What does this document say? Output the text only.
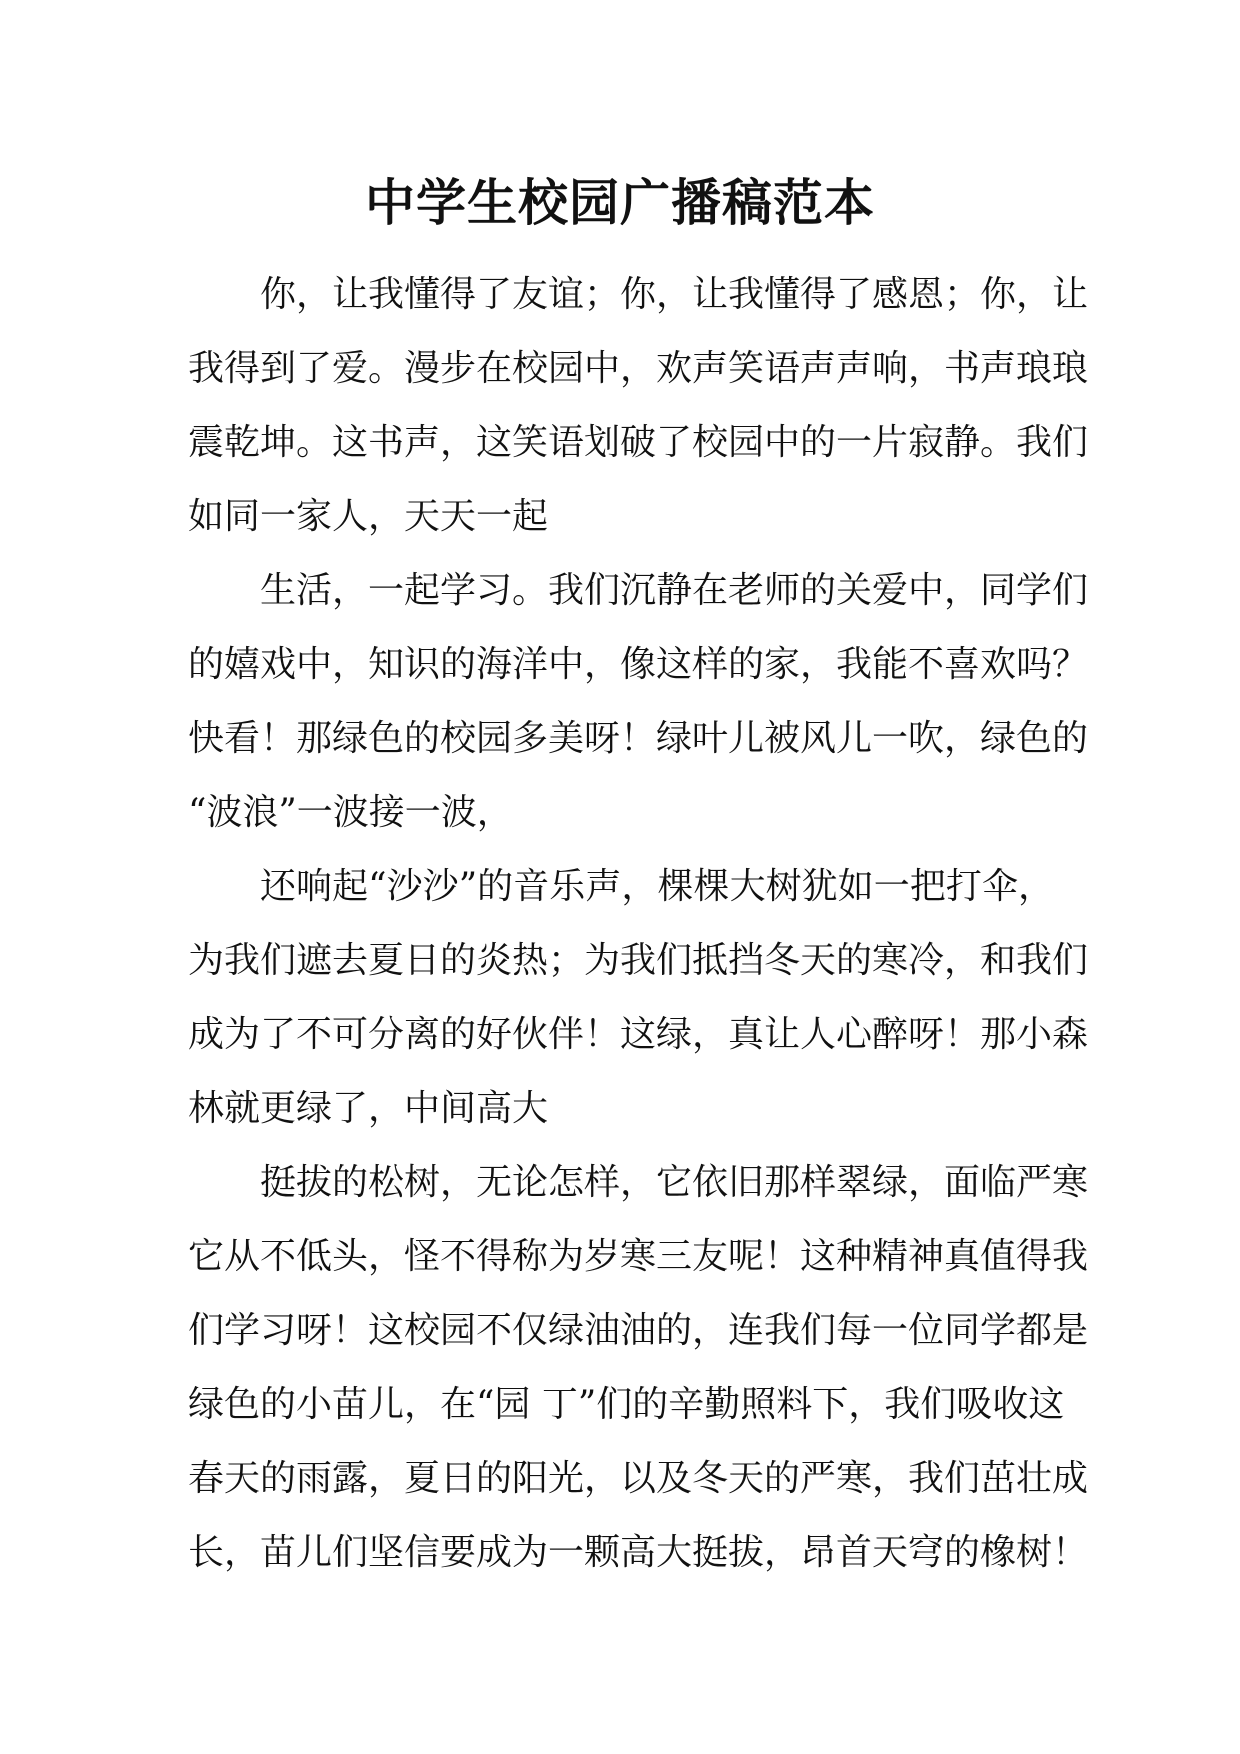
中学生校园广播稿范本
你，让我懂得了友谊；你，让我懂得了感恩；你，让
我得到了爱。漫步在校园中，欢声笑语声声响，书声琅琅
震乾坤。这书声，这笑语划破了校园中的一片寂静。我们
如同一家人，天天一起
生活，一起学习。我们沉静在老师的关爱中，同学们
的嬉戏中，知识的海洋中，像这样的家，我能不喜欢吗？
快看！那绿色的校园多美呀！绿叶儿被风儿一吹，绿色的
“波浪”一波接一波，
还响起“沙沙”的音乐声，棵棵大树犹如一把打伞，
为我们遮去夏日的炎热；为我们抵挡冬天的寒冷，和我们
成为了不可分离的好伙伴！这绿，真让人心醉呀！那小森
林就更绿了，中间高大
挺拔的松树，无论怎样，它依旧那样翠绿，面临严寒
它从不低头，怪不得称为岁寒三友呢！这种精神真值得我
们学习呀！这校园不仅绿油油的，连我们每一位同学都是
绿色的小苗儿，在“园 丁”们的辛勤照料下，我们吸收这
春天的雨露，夏日的阳光，以及冬天的严寒，我们茁壮成
长，苗儿们坚信要成为一颗高大挺拔，昂首天穹的橡树！
